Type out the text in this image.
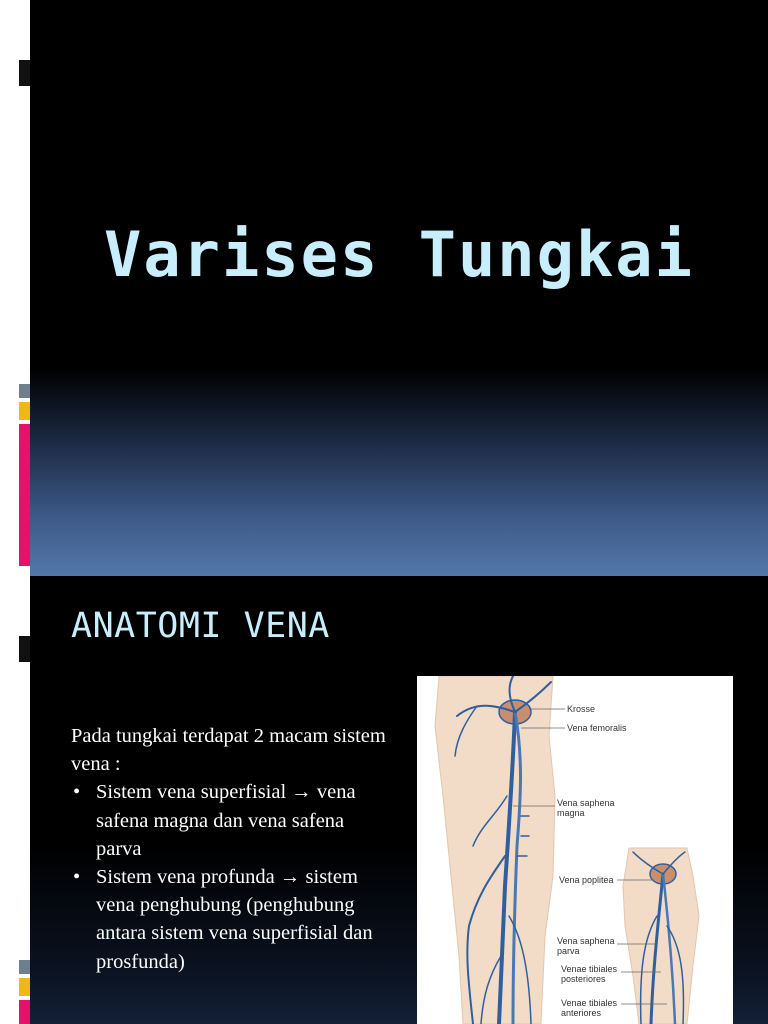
Varises Tungkai
ANATOMI VENA
Pada tungkai terdapat 2 macam sistem vena :
• Sistem vena superfisial → vena safena magna dan vena safena parva
• Sistem vena profunda → sistem vena penghubung (penghubung antara sistem vena superfisial dan prosfunda)
Krosse
Vena femoralis
Vena saphena
magna
Vena poplitea
Vena saphena
parva
Venae tibiales
posteriores
Venae tibiales
anteriores
